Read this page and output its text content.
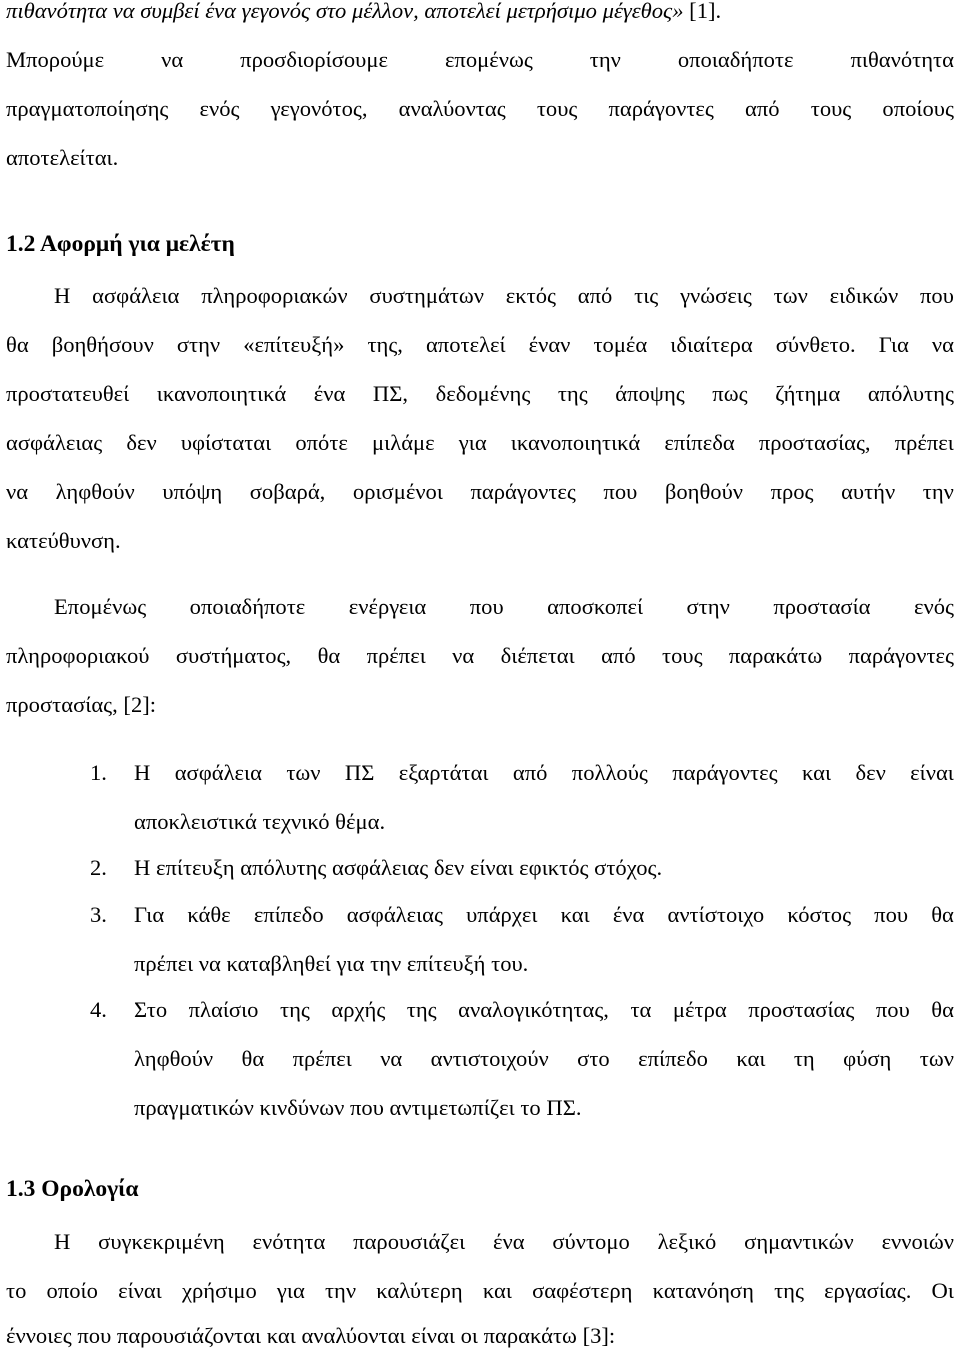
πιθανότητα να συμβεί ένα γεγονός στο μέλλον, αποτελεί μετρήσιμο μέγεθος» [1].
Μπορούμε	να	προσδιορίσουμε	επομένως	την	οποιαδήποτε	πιθανότητα
πραγματοποίησης ενός γεγονότος, αναλύοντας τους παράγοντες από τους οποίους
αποτελείται.
1.2 Αφορμή για μελέτη
Η ασφάλεια πληροφοριακών συστημάτων εκτός από τις γνώσεις των ειδικών που
θα βοηθήσουν στην «επίτευξή» της, αποτελεί έναν τομέα ιδιαίτερα σύνθετο. Για να
προστατευθεί ικανοποιητικά ένα ΠΣ, δεδομένης της άποψης πως ζήτημα απόλυτης
ασφάλειας δεν υφίσταται οπότε μιλάμε για ικανοποιητικά επίπεδα προστασίας, πρέπει
να ληφθούν υπόψη σοβαρά, ορισμένοι παράγοντες που βοηθούν προς αυτήν την
κατεύθυνση.
Επομένως οποιαδήποτε ενέργεια που αποσκοπεί στην προστασία ενός
πληροφοριακού συστήματος, θα πρέπει να διέπεται από τους παρακάτω παράγοντες
προστασίας, [2]:
1. Η ασφάλεια των ΠΣ εξαρτάται από πολλούς παράγοντες και δεν είναι
αποκλειστικά τεχνικό θέμα.
2. Η επίτευξη απόλυτης ασφάλειας δεν είναι εφικτός στόχος.
3. Για κάθε επίπεδο ασφάλειας υπάρχει και ένα αντίστοιχο κόστος που θα
πρέπει να καταβληθεί για την επίτευξή του.
4. Στο πλαίσιο της αρχής της αναλογικότητας, τα μέτρα προστασίας που θα
ληφθούν θα πρέπει να αντιστοιχούν στο επίπεδο και τη φύση των
πραγματικών κινδύνων που αντιμετωπίζει το ΠΣ.
1.3 Ορολογία
Η συγκεκριμένη ενότητα παρουσιάζει ένα σύντομο λεξικό σημαντικών εννοιών
το οποίο είναι χρήσιμο για την καλύτερη και σαφέστερη κατανόηση της εργασίας. Οι
έννοιες που παρουσιάζονται και αναλύονται είναι οι παρακάτω [3]:
